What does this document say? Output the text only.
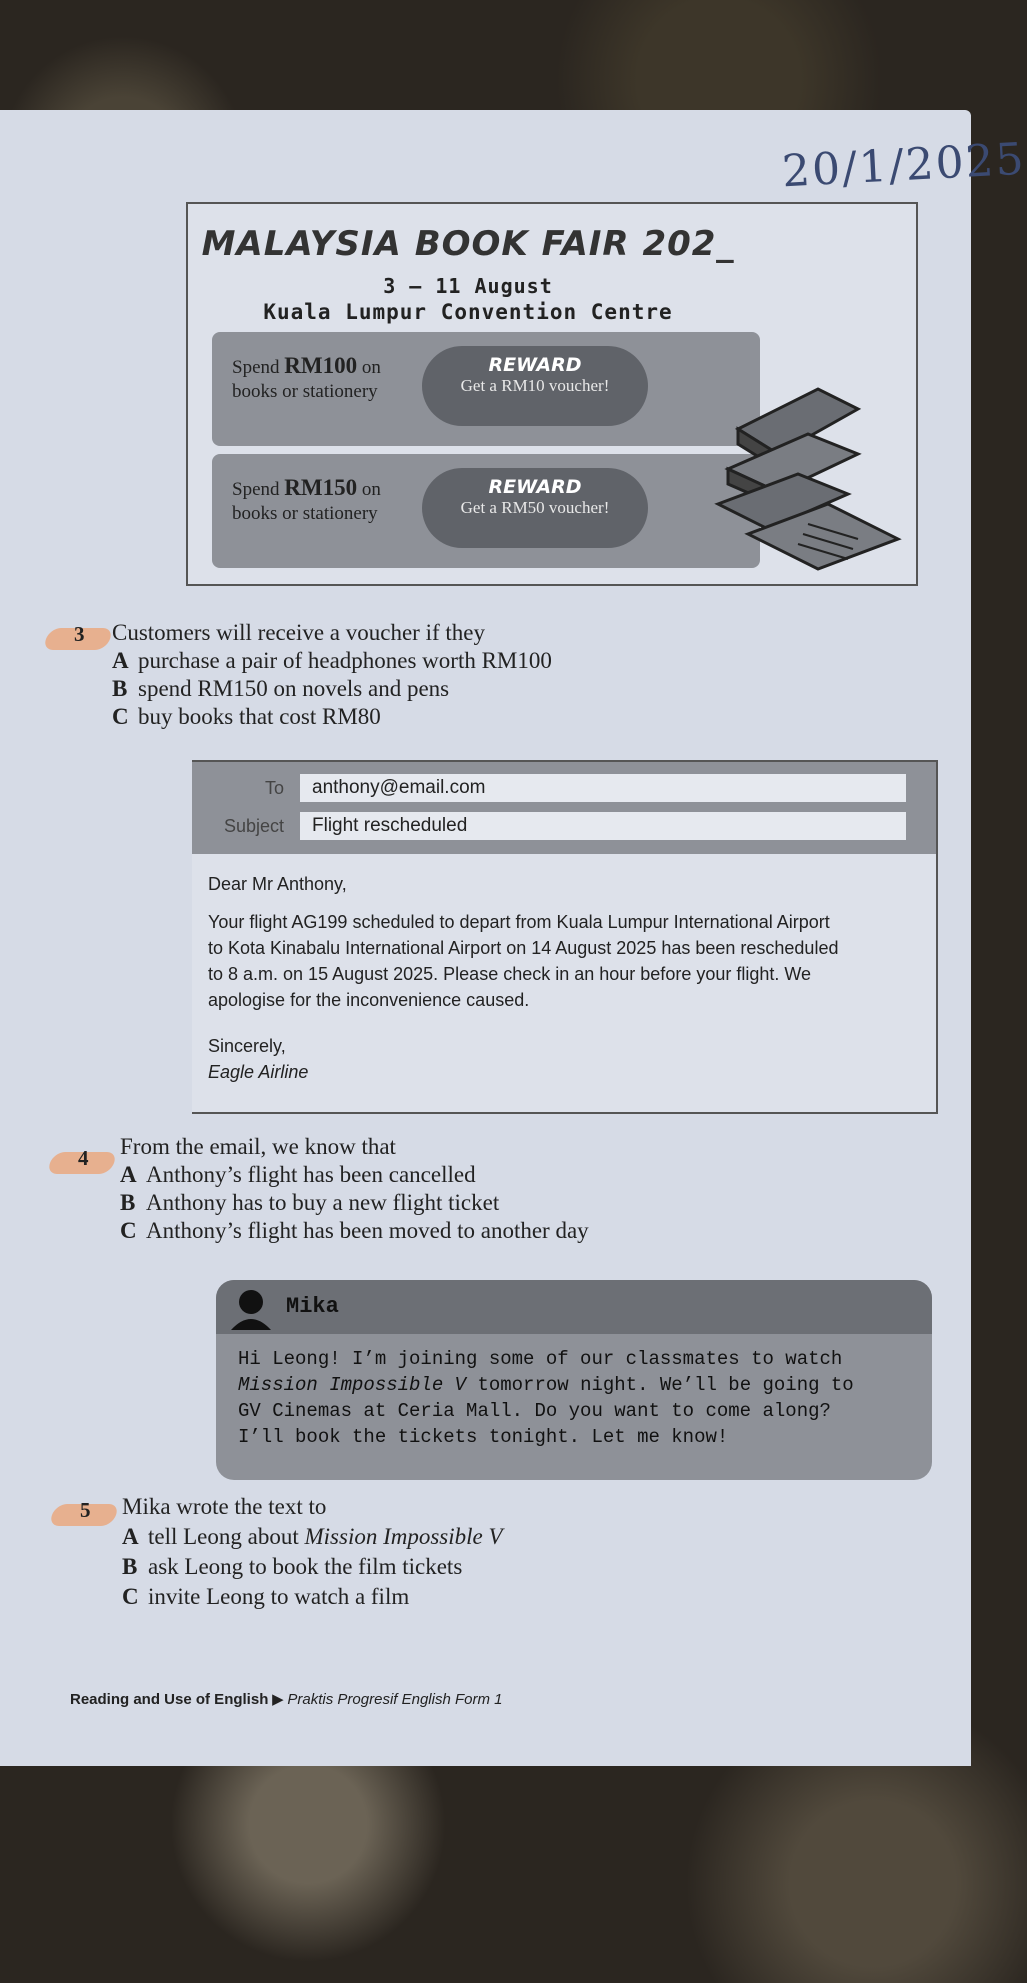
20/1/2025
MALAYSIA BOOK FAIR 202_
3 – 11 August
Kuala Lumpur Convention Centre
Spend RM100 on books or stationery
REWARD
Get a RM10 voucher!
Spend RM150 on books or stationery
REWARD
Get a RM50 voucher!
3 Customers will receive a voucher if they
A purchase a pair of headphones worth RM100
B spend RM150 on novels and pens
C buy books that cost RM80
To	anthony@email.com
Subject	Flight rescheduled
Dear Mr Anthony,
Your flight AG199 scheduled to depart from Kuala Lumpur International Airport
to Kota Kinabalu International Airport on 14 August 2025 has been rescheduled
to 8 a.m. on 15 August 2025. Please check in an hour before your flight. We
apologise for the inconvenience caused.
Sincerely,
Eagle Airline
4 From the email, we know that
A Anthony’s flight has been cancelled
B Anthony has to buy a new flight ticket
C Anthony’s flight has been moved to another day
Mika
Hi Leong! I’m joining some of our classmates to watch
Mission Impossible V tomorrow night. We’ll be going to
GV Cinemas at Ceria Mall. Do you want to come along?
I’ll book the tickets tonight. Let me know!
5 Mika wrote the text to
A tell Leong about Mission Impossible V
B ask Leong to book the film tickets
C invite Leong to watch a film
Reading and Use of English ▶ Praktis Progresif English Form 1
